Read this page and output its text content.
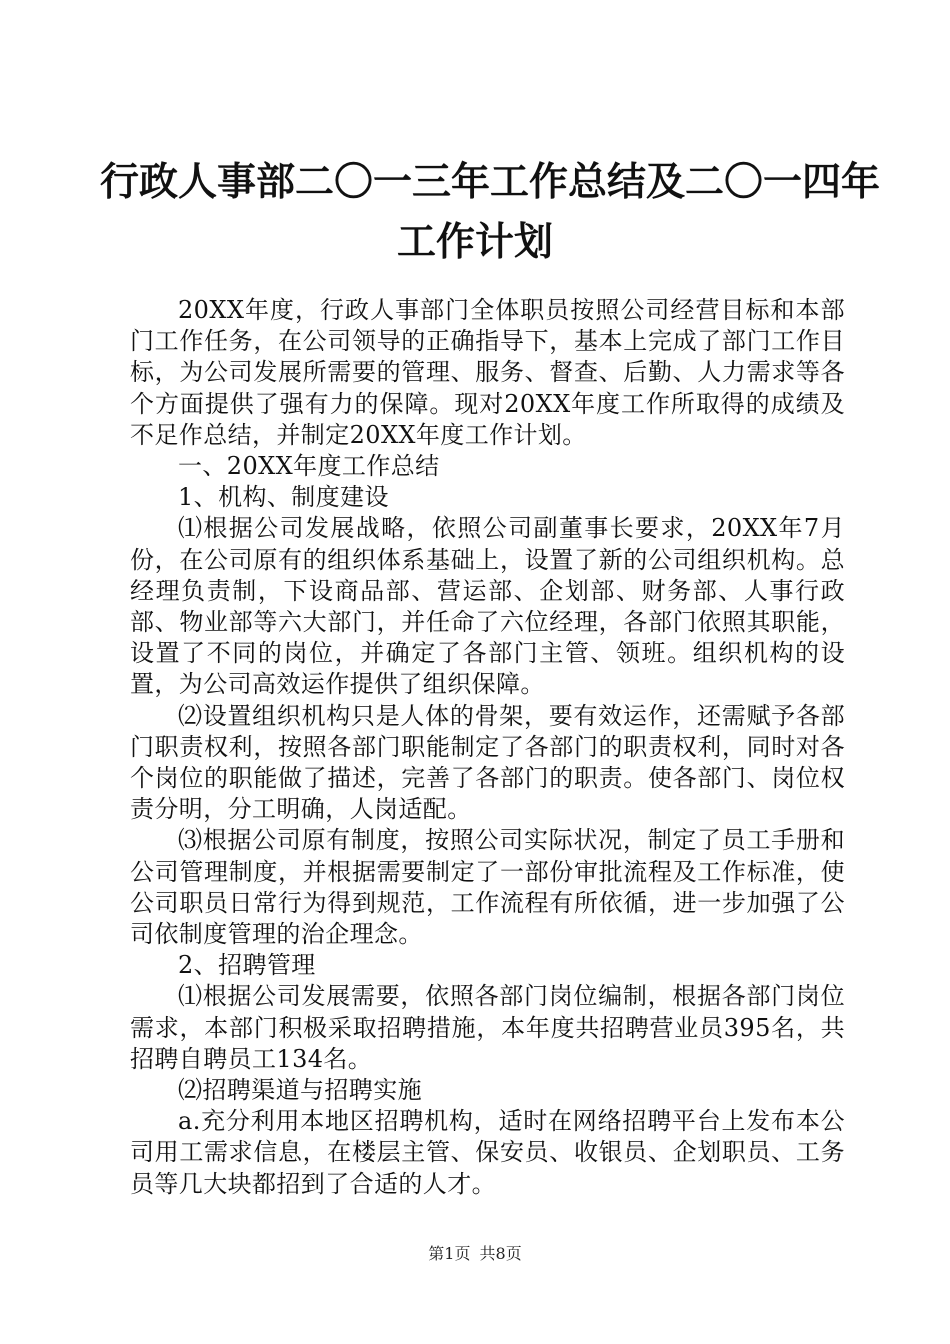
行政人事部二〇一三年工作总结及二〇一四年
工作计划

20XX年度，行政人事部门全体职员按照公司经营目标和本部门工作任务，在公司领导的正确指导下，基本上完成了部门工作目标，为公司发展所需要的管理、服务、督查、后勤、人力需求等各个方面提供了强有力的保障。现对20XX年度工作所取得的成绩及不足作总结，并制定20XX年度工作计划。

一、20XX年度工作总结

1、机构、制度建设

⑴根据公司发展战略，依照公司副董事长要求，20XX年7月份，在公司原有的组织体系基础上，设置了新的公司组织机构。总经理负责制，下设商品部、营运部、企划部、财务部、人事行政部、物业部等六大部门，并任命了六位经理，各部门依照其职能，设置了不同的岗位，并确定了各部门主管、领班。组织机构的设置，为公司高效运作提供了组织保障。

⑵设置组织机构只是人体的骨架，要有效运作，还需赋予各部门职责权利，按照各部门职能制定了各部门的职责权利，同时对各个岗位的职能做了描述，完善了各部门的职责。使各部门、岗位权责分明，分工明确，人岗适配。

⑶根据公司原有制度，按照公司实际状况，制定了员工手册和公司管理制度，并根据需要制定了一部份审批流程及工作标准，使公司职员日常行为得到规范，工作流程有所依循，进一步加强了公司依制度管理的治企理念。

2、招聘管理

⑴根据公司发展需要，依照各部门岗位编制，根据各部门岗位需求，本部门积极采取招聘措施，本年度共招聘营业员395名，共招聘自聘员工134名。

⑵招聘渠道与招聘实施

a.充分利用本地区招聘机构，适时在网络招聘平台上发布本公司用工需求信息，在楼层主管、保安员、收银员、企划职员、工务员等几大块都招到了合适的人才。

第1页 共8页
